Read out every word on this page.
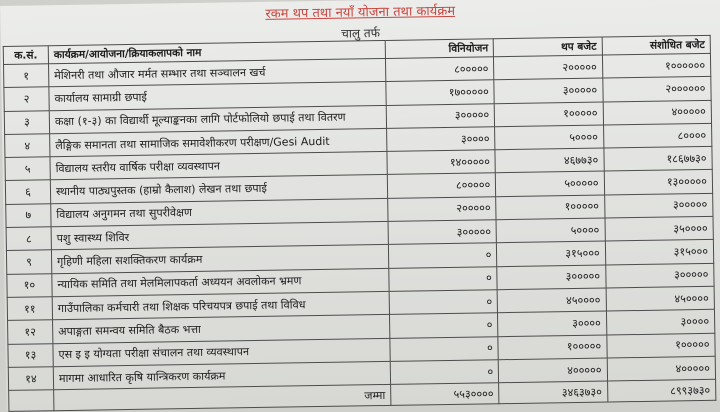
रकम थप तथा नयाँ योजना तथा कार्यक्रम
चालु तर्फ
क.सं.	कार्यक्रम/आयोजना/क्रियाकलापको नाम	विनियोजन	थप बजेट	संशोधित बजेट
१	मेशिनरी तथा औजार मर्मत सम्भार तथा सञ्चालन खर्च	८०००००	२०००००	१००००००
२	कार्यालय सामाग्री छपाई	१७०००००	३०००००	२००००००
३	कक्षा (१-३) का विद्यार्थी मूल्याङ्कनका लागि पोर्टफोलियो छपाई तथा वितरण	३०००००	१०००००	४०००००
४	लैङ्गिक समानता तथा सामाजिक समावेशीकरण परीक्षण/Gesi Audit	३००००	५००००	८००००
५	विद्यालय स्तरीय वार्षिक परीक्षा व्यवस्थापन	१४०००००	४६७७३०	१८६७७३०
६	स्थानीय पाठ्यपुस्तक (हाम्रो कैलाश) लेखन तथा छपाई	८०००००	५०००००	१३०००००
७	विद्यालय अनुगमन तथा सुपरीवेक्षण	२०००००	१०००००	३०००००
८	पशु स्वास्थ्य शिविर	३०००००	५००००	३५००००
९	गृहिणी महिला सशक्तिकरण कार्यक्रम	०	३१५०००	३१५०००
१०	न्यायिक समिति तथा मेलमिलापकर्ता अध्ययन अवलोकन भ्रमण	०	३०००००	३०००००
११	गाउँपालिका कर्मचारी तथा शिक्षक परिचयपत्र छपाई तथा विविध	०	४५००००	४५००००
१२	अपाङ्गता समन्वय समिति बैठक भत्ता	०	३००००	३००००
१३	एस इ इ योग्यता परीक्षा संचालन तथा व्यवस्थापन	०	१०००००	१०००००
१४	मागमा आधारित कृषि यान्त्रिकरण कार्यक्रम	०	४०००००	४०००००
	जम्मा	५५३००००	३४६३७३०	८९९३७३०
